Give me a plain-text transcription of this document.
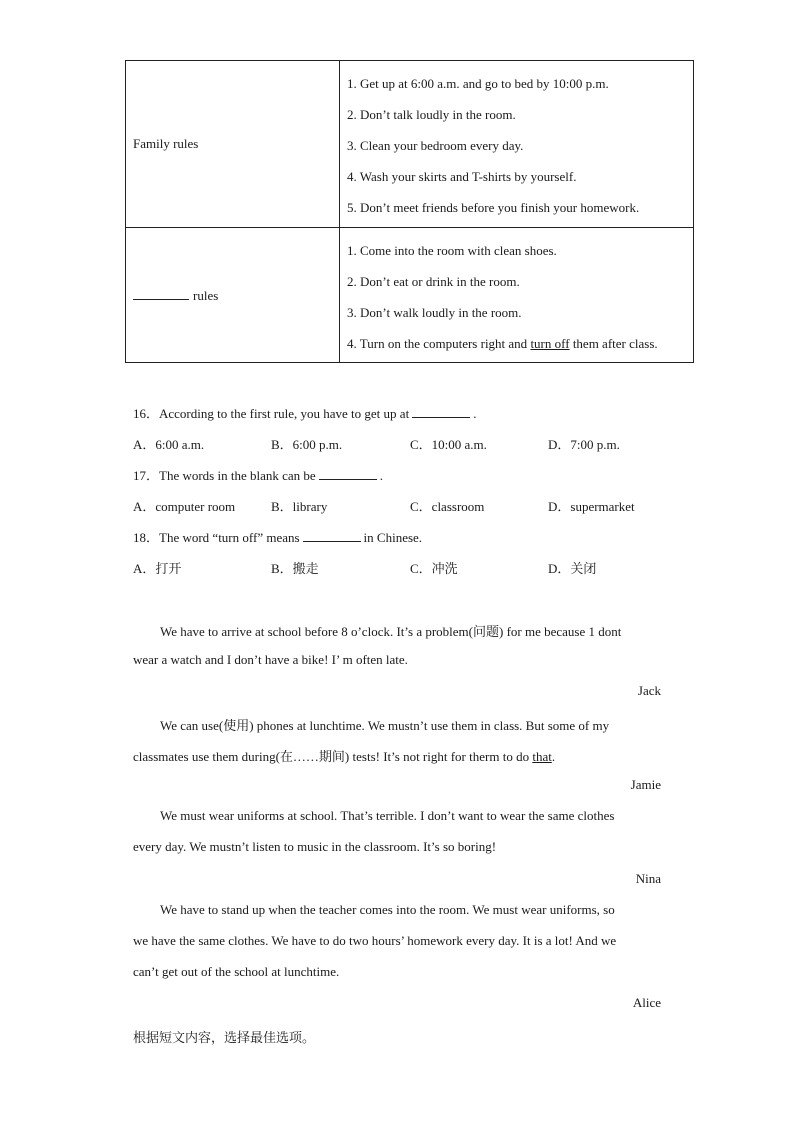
Family rules	1. Get up at 6:00 a.m. and go to bed by 10:00 p.m.
2. Don’t talk loudly in the room.
3. Clean your bedroom every day.
4. Wash your skirts and T-shirts by yourself.
5. Don’t meet friends before you finish your homework.

rules	1. Come into the room with clean shoes.
2. Don’t eat or drink in the room.
3. Don’t walk loudly in the room.
4. Turn on the computers right and turn off them after class.
16．According to the first rule, you have to get up at	.
A．6:00 a.m.	B．6:00 p.m.	C．10:00 a.m.	D．7:00 p.m.
17．The words in the blank can be	.
A．computer room	B．library	C．classroom	D．supermarket
18．The word “turn off” means	in Chinese.
A．打开	B．搬走	C．冲洗	D．关闭
We have to arrive at school before 8 o’clock. It’s a problem(问题) for me because 1 dont
wear a watch and I don’t have a bike! I’ m often late.
Jack
We can use(使用) phones at lunchtime. We mustn’t use them in class. But some of my
classmates use them during(在……期间) tests! It’s not right for therm to do that.
Jamie
We must wear uniforms at school. That’s terrible. I don’t want to wear the same clothes
every day. We mustn’t listen to music in the classroom. It’s so boring!
Nina
We have to stand up when the teacher comes into the room. We must wear uniforms, so
we have the same clothes. We have to do two hours’ homework every day. It is a lot! And we
can’t get out of the school at lunchtime.
Alice
根据短文内容，选择最佳选项。
